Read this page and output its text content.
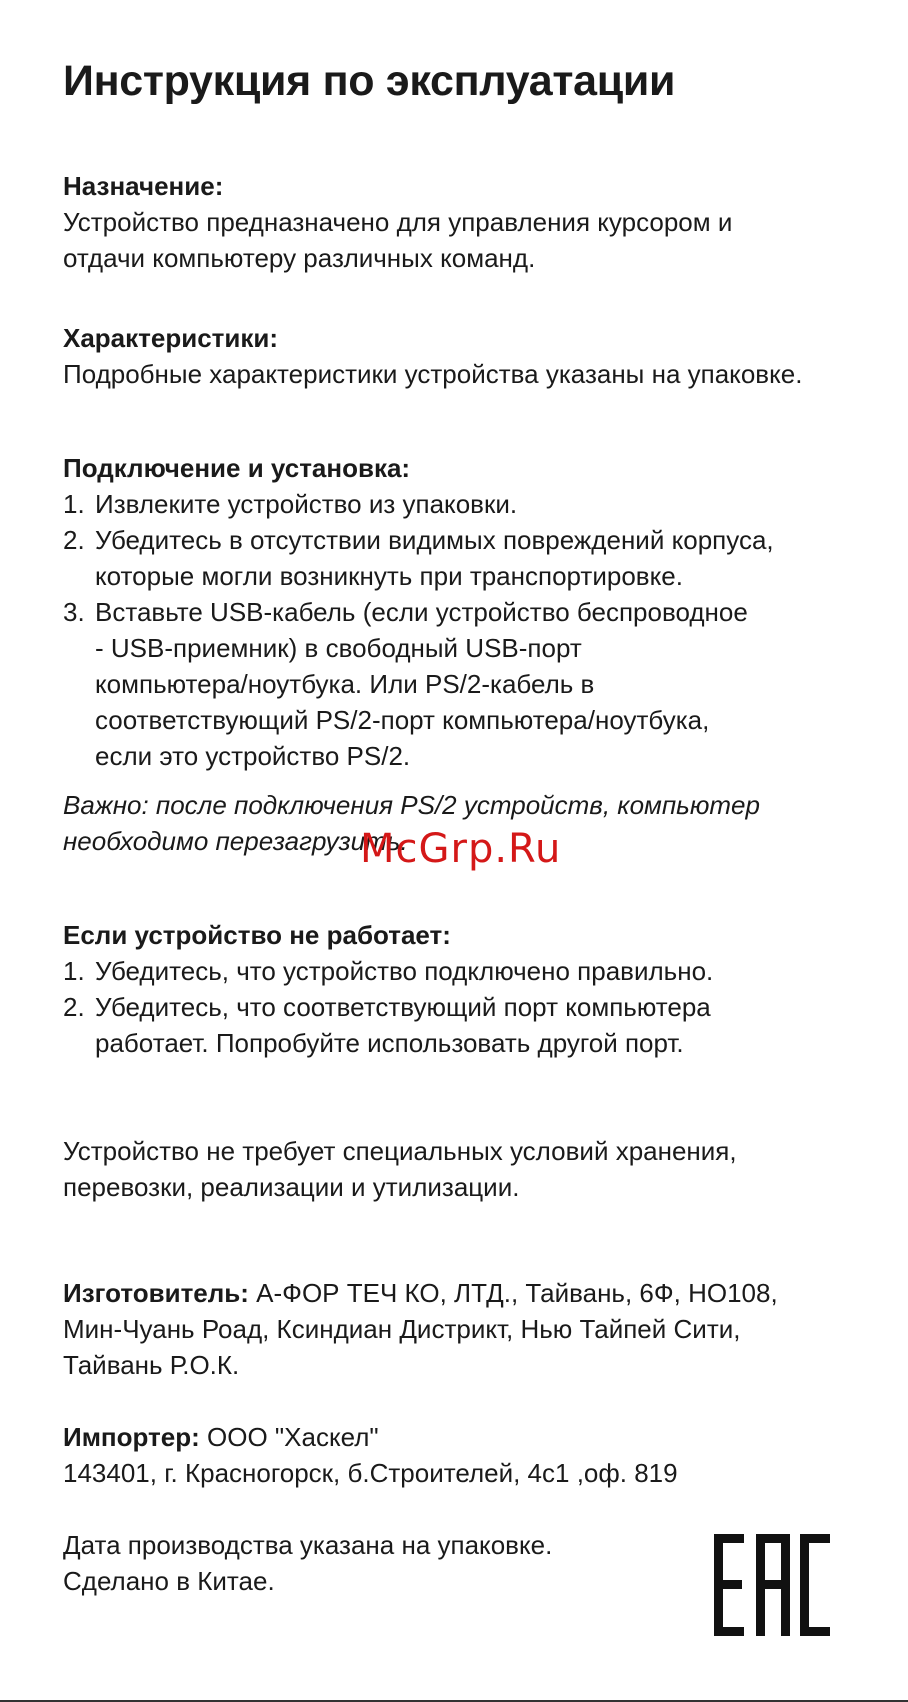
Инструкция по эксплуатации
Назначение:
Устройство предназначено для управления курсором и
отдачи компьютеру различных команд.
Характеристики:
Подробные характеристики устройства указаны на упаковке.
Подключение и установка:
1. Извлеките устройство из упаковки.
2. Убедитесь в отсутствии видимых повреждений корпуса,
которые могли возникнуть при транспортировке.
3. Вставьте USB-кабель (если устройство беспроводное
- USB-приемник) в свободный USB-порт
компьютера/ноутбука. Или PS/2-кабель в
соответствующий PS/2-порт компьютера/ноутбука,
если это устройство PS/2.
Важно: после подключения PS/2 устройств, компьютер
необходимо перезагрузить.
Если устройство не работает:
1. Убедитесь, что устройство подключено правильно.
2. Убедитесь, что соответствующий порт компьютера
работает. Попробуйте использовать другой порт.
Устройство не требует специальных условий хранения,
перевозки, реализации и утилизации.
Изготовитель: А-ФОР ТЕЧ КО, ЛТД., Тайвань, 6Ф, НО108,
Мин-Чуань Роад, Ксиндиан Дистрикт, Нью Тайпей Сити,
Тайвань Р.О.К.
Импортер: ООО "Хаскел"
143401, г. Красногорск, б.Строителей, 4с1 ,оф. 819
Дата производства указана на упаковке.
Сделано в Китае.
McGrp.Ru
